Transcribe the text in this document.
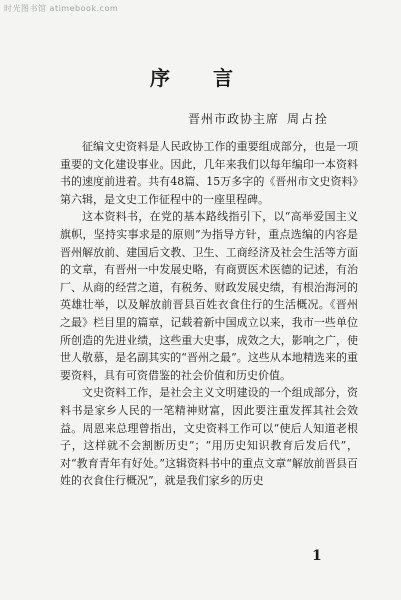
时光图书馆 atimebook.com
序 言
晋州市政协主席 周占拴

征编文史资料是人民政协工作的重要组成部分，也是一项重要的文化建设事业。因此，几年来我们以每年编印一本资料书的速度前进着。共有48篇、15万多字的《晋州市文史资料》第六辑，是文史工作征程中的一座里程碑。

这本资料书，在党的基本路线指引下，以“高举爱国主义旗帜，坚持实事求是的原则”为指导方针，重点选编的内容是晋州解放前、建国后文教、卫生、工商经济及社会生活等方面的文章，有晋州一中发展史略，有商贾医术医德的记述，有治厂、从商的经营之道，有税务、财政发展史绩，有根治海河的英雄壮举，以及解放前晋县百姓衣食住行的生活概况。《晋州之最》栏目里的篇章，记载着新中国成立以来，我市一些单位所创造的先进业绩，这些重大史事，成效之大，影响之广，使世人敬慕，是名副其实的“晋州之最”。这些从本地精选来的重要资料，具有可资借鉴的社会价值和历史价值。

文史资料工作，是社会主义文明建设的一个组成部分，资料书是家乡人民的一笔精神财富，因此要注重发挥其社会效益。周恩来总理曾指出，文史资料工作可以“使后人知道老根子，这样就不会割断历史”；“用历史知识教育后发后代”，对“教育青年有好处。”这辑资料书中的重点文章“解放前晋县百姓的衣食住行概况”，就是我们家乡的历史

1
